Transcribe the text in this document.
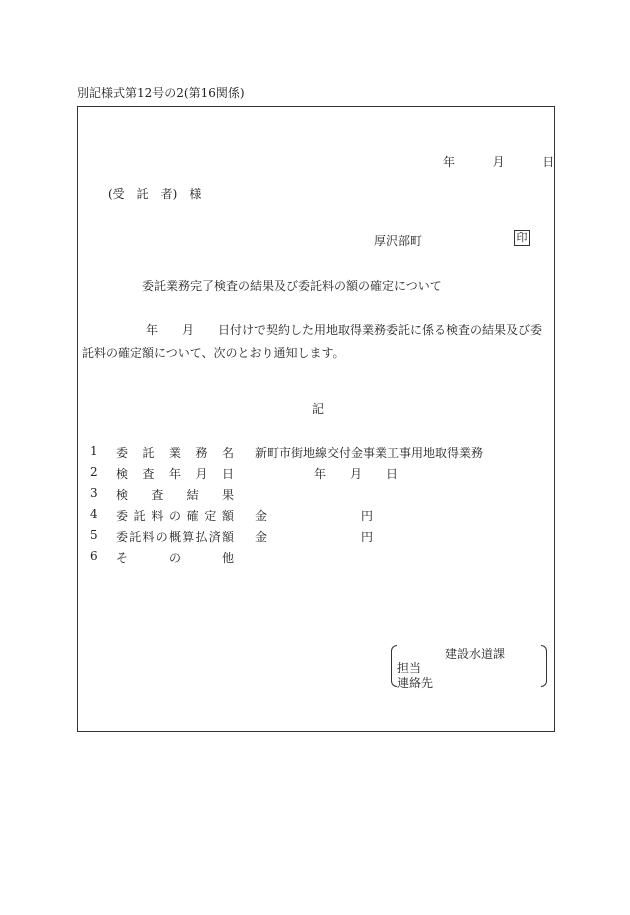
別記様式第12号の2(第16関係)
年	月	日
(受　託　者)　様
厚沢部町	印
委託業務完了検査の結果及び委託料の額の確定について
年　　月　　日付けで契約した用地取得業務委託に係る検査の結果及び委託料の確定額について、次のとおり通知します。
記
1	委託業務名 新町市街地線交付金事業工事用地取得業務
2	検査年月日	年　　月　　日
3	検査結果
4	委託料の確定額 金	円
5	委託料の概算払済額 金	円
6	その他
建設水道課
担当
連絡先
